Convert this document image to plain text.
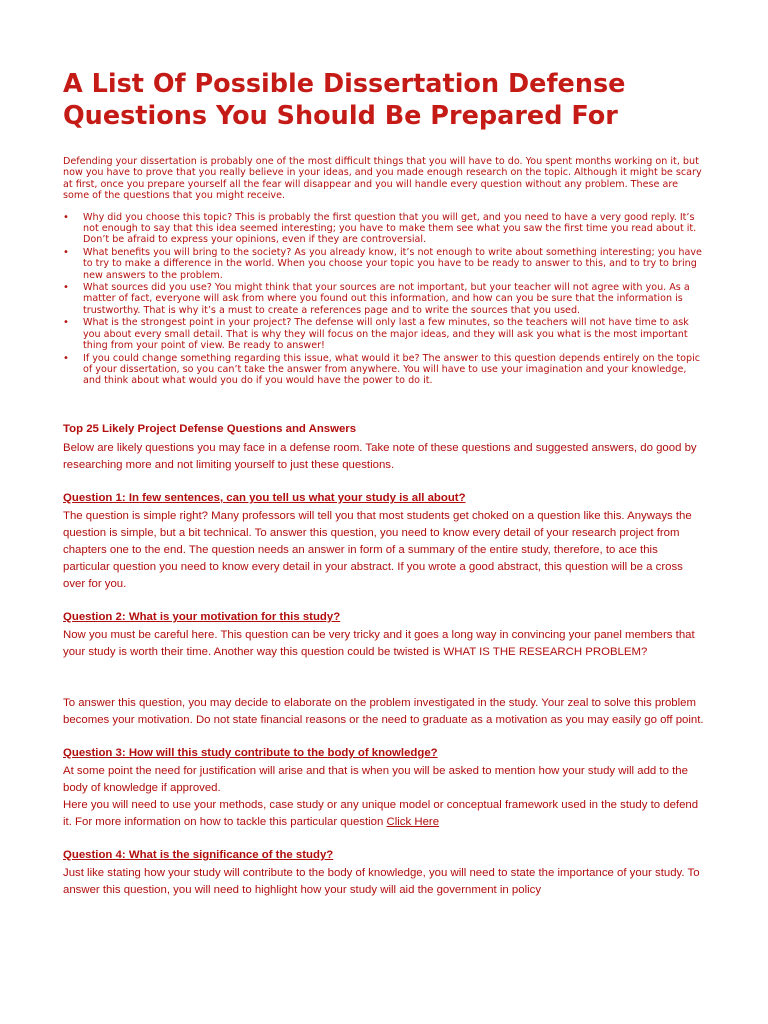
A List Of Possible Dissertation Defense Questions You Should Be Prepared For

Defending your dissertation is probably one of the most difficult things that you will have to do. You spent months working on it, but now you have to prove that you really believe in your ideas, and you made enough research on the topic. Although it might be scary at first, once you prepare yourself all the fear will disappear and you will handle every question without any problem. These are some of the questions that you might receive.

• Why did you choose this topic? This is probably the first question that you will get, and you need to have a very good reply. It’s not enough to say that this idea seemed interesting; you have to make them see what you saw the first time you read about it. Don’t be afraid to express your opinions, even if they are controversial.
• What benefits you will bring to the society? As you already know, it’s not enough to write about something interesting; you have to try to make a difference in the world. When you choose your topic you have to be ready to answer to this, and to try to bring new answers to the problem.
• What sources did you use? You might think that your sources are not important, but your teacher will not agree with you. As a matter of fact, everyone will ask from where you found out this information, and how can you be sure that the information is trustworthy. That is why it’s a must to create a references page and to write the sources that you used.
• What is the strongest point in your project? The defense will only last a few minutes, so the teachers will not have time to ask you about every small detail. That is why they will focus on the major ideas, and they will ask you what is the most important thing from your point of view. Be ready to answer!
• If you could change something regarding this issue, what would it be? The answer to this question depends entirely on the topic of your dissertation, so you can’t take the answer from anywhere. You will have to use your imagination and your knowledge, and think about what would you do if you would have the power to do it.
Top 25 Likely Project Defense Questions and Answers

Below are likely questions you may face in a defense room. Take note of these questions and suggested answers, do good by researching more and not limiting yourself to just these questions.

Question 1: In few sentences, can you tell us what your study is all about?

The question is simple right? Many professors will tell you that most students get choked on a question like this. Anyways the question is simple, but a bit technical. To answer this question, you need to know every detail of your research project from chapters one to the end. The question needs an answer in form of a summary of the entire study, therefore, to ace this particular question you need to know every detail in your abstract. If you wrote a good abstract, this question will be a cross over for you.

Question 2: What is your motivation for this study?

Now you must be careful here. This question can be very tricky and it goes a long way in convincing your panel members that your study is worth their time. Another way this question could be twisted is WHAT IS THE RESEARCH PROBLEM?

To answer this question, you may decide to elaborate on the problem investigated in the study. Your zeal to solve this problem becomes your motivation. Do not state financial reasons or the need to graduate as a motivation as you may easily go off point.

Question 3: How will this study contribute to the body of knowledge?

At some point the need for justification will arise and that is when you will be asked to mention how your study will add to the body of knowledge if approved.

Here you will need to use your methods, case study or any unique model or conceptual framework used in the study to defend it. For more information on how to tackle this particular question Click Here

Question 4: What is the significance of the study?

Just like stating how your study will contribute to the body of knowledge, you will need to state the importance of your study. To answer this question, you will need to highlight how your study will aid the government in policy
